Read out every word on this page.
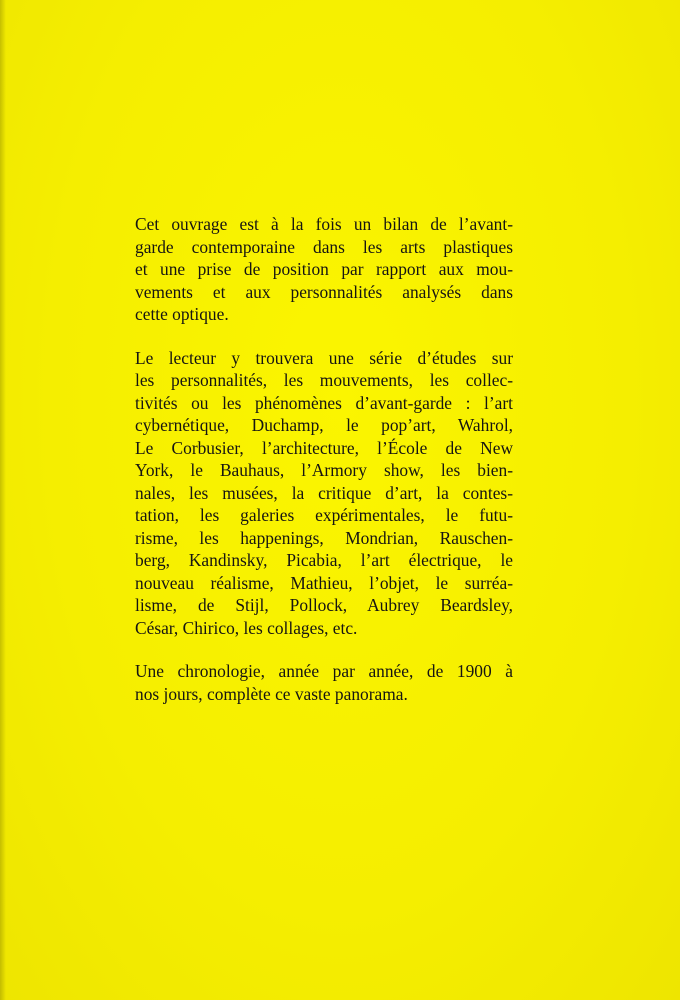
Cet ouvrage est à la fois un bilan de l’avant-
garde contemporaine dans les arts plastiques
et une prise de position par rapport aux mou-
vements et aux personnalités analysés dans
cette optique.

Le lecteur y trouvera une série d’études sur
les personnalités, les mouvements, les collec-
tivités ou les phénomènes d’avant-garde : l’art
cybernétique, Duchamp, le pop’art, Wahrol,
Le Corbusier, l’architecture, l’École de New
York, le Bauhaus, l’Armory show, les bien-
nales, les musées, la critique d’art, la contes-
tation, les galeries expérimentales, le futu-
risme, les happenings, Mondrian, Rauschen-
berg, Kandinsky, Picabia, l’art électrique, le
nouveau réalisme, Mathieu, l’objet, le surréa-
lisme, de Stijl, Pollock, Aubrey Beardsley,
César, Chirico, les collages, etc.

Une chronologie, année par année, de 1900 à
nos jours, complète ce vaste panorama.
